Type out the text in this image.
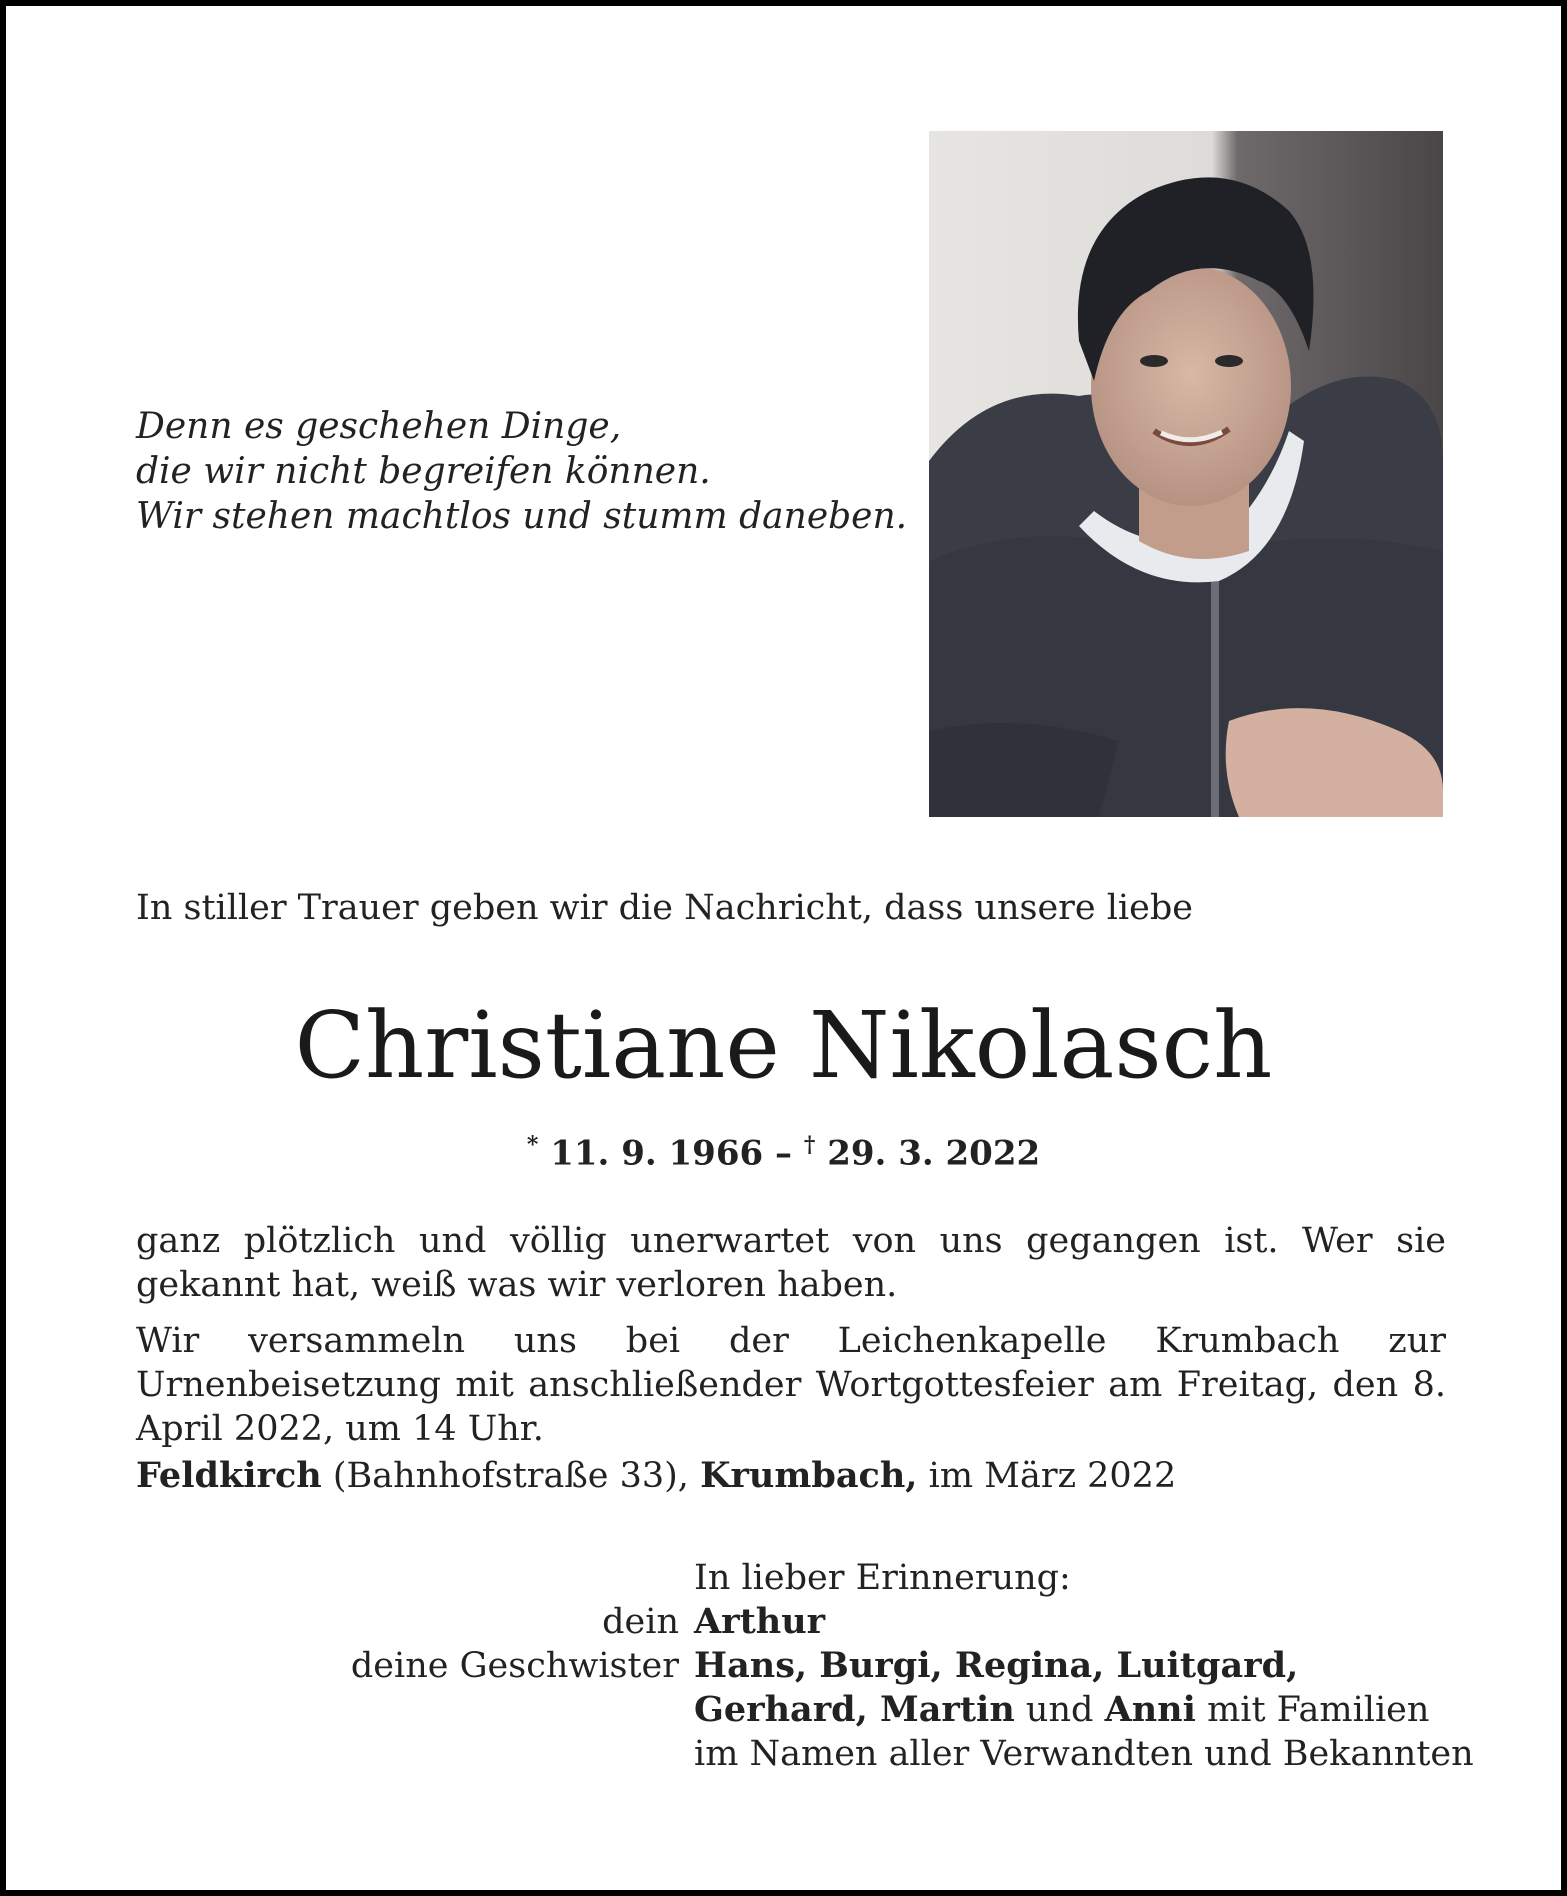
Denn es geschehen Dinge,
die wir nicht begreifen können.
Wir stehen machtlos und stumm daneben.
In stiller Trauer geben wir die Nachricht, dass unsere liebe
Christiane Nikolasch
* 11. 9. 1966 – † 29. 3. 2022
ganz plötzlich und völlig unerwartet von uns gegangen ist. Wer sie gekannt hat, weiß was wir verloren haben.
Wir versammeln uns bei der Leichenkapelle Krumbach zur Urnenbeisetzung mit anschließender Wortgottesfeier am Freitag, den 8. April 2022, um 14 Uhr.
Feldkirch (Bahnhofstraße 33), Krumbach, im März 2022
In lieber Erinnerung:
dein Arthur
deine Geschwister Hans, Burgi, Regina, Luitgard,
Gerhard, Martin und Anni mit Familien
im Namen aller Verwandten und Bekannten
